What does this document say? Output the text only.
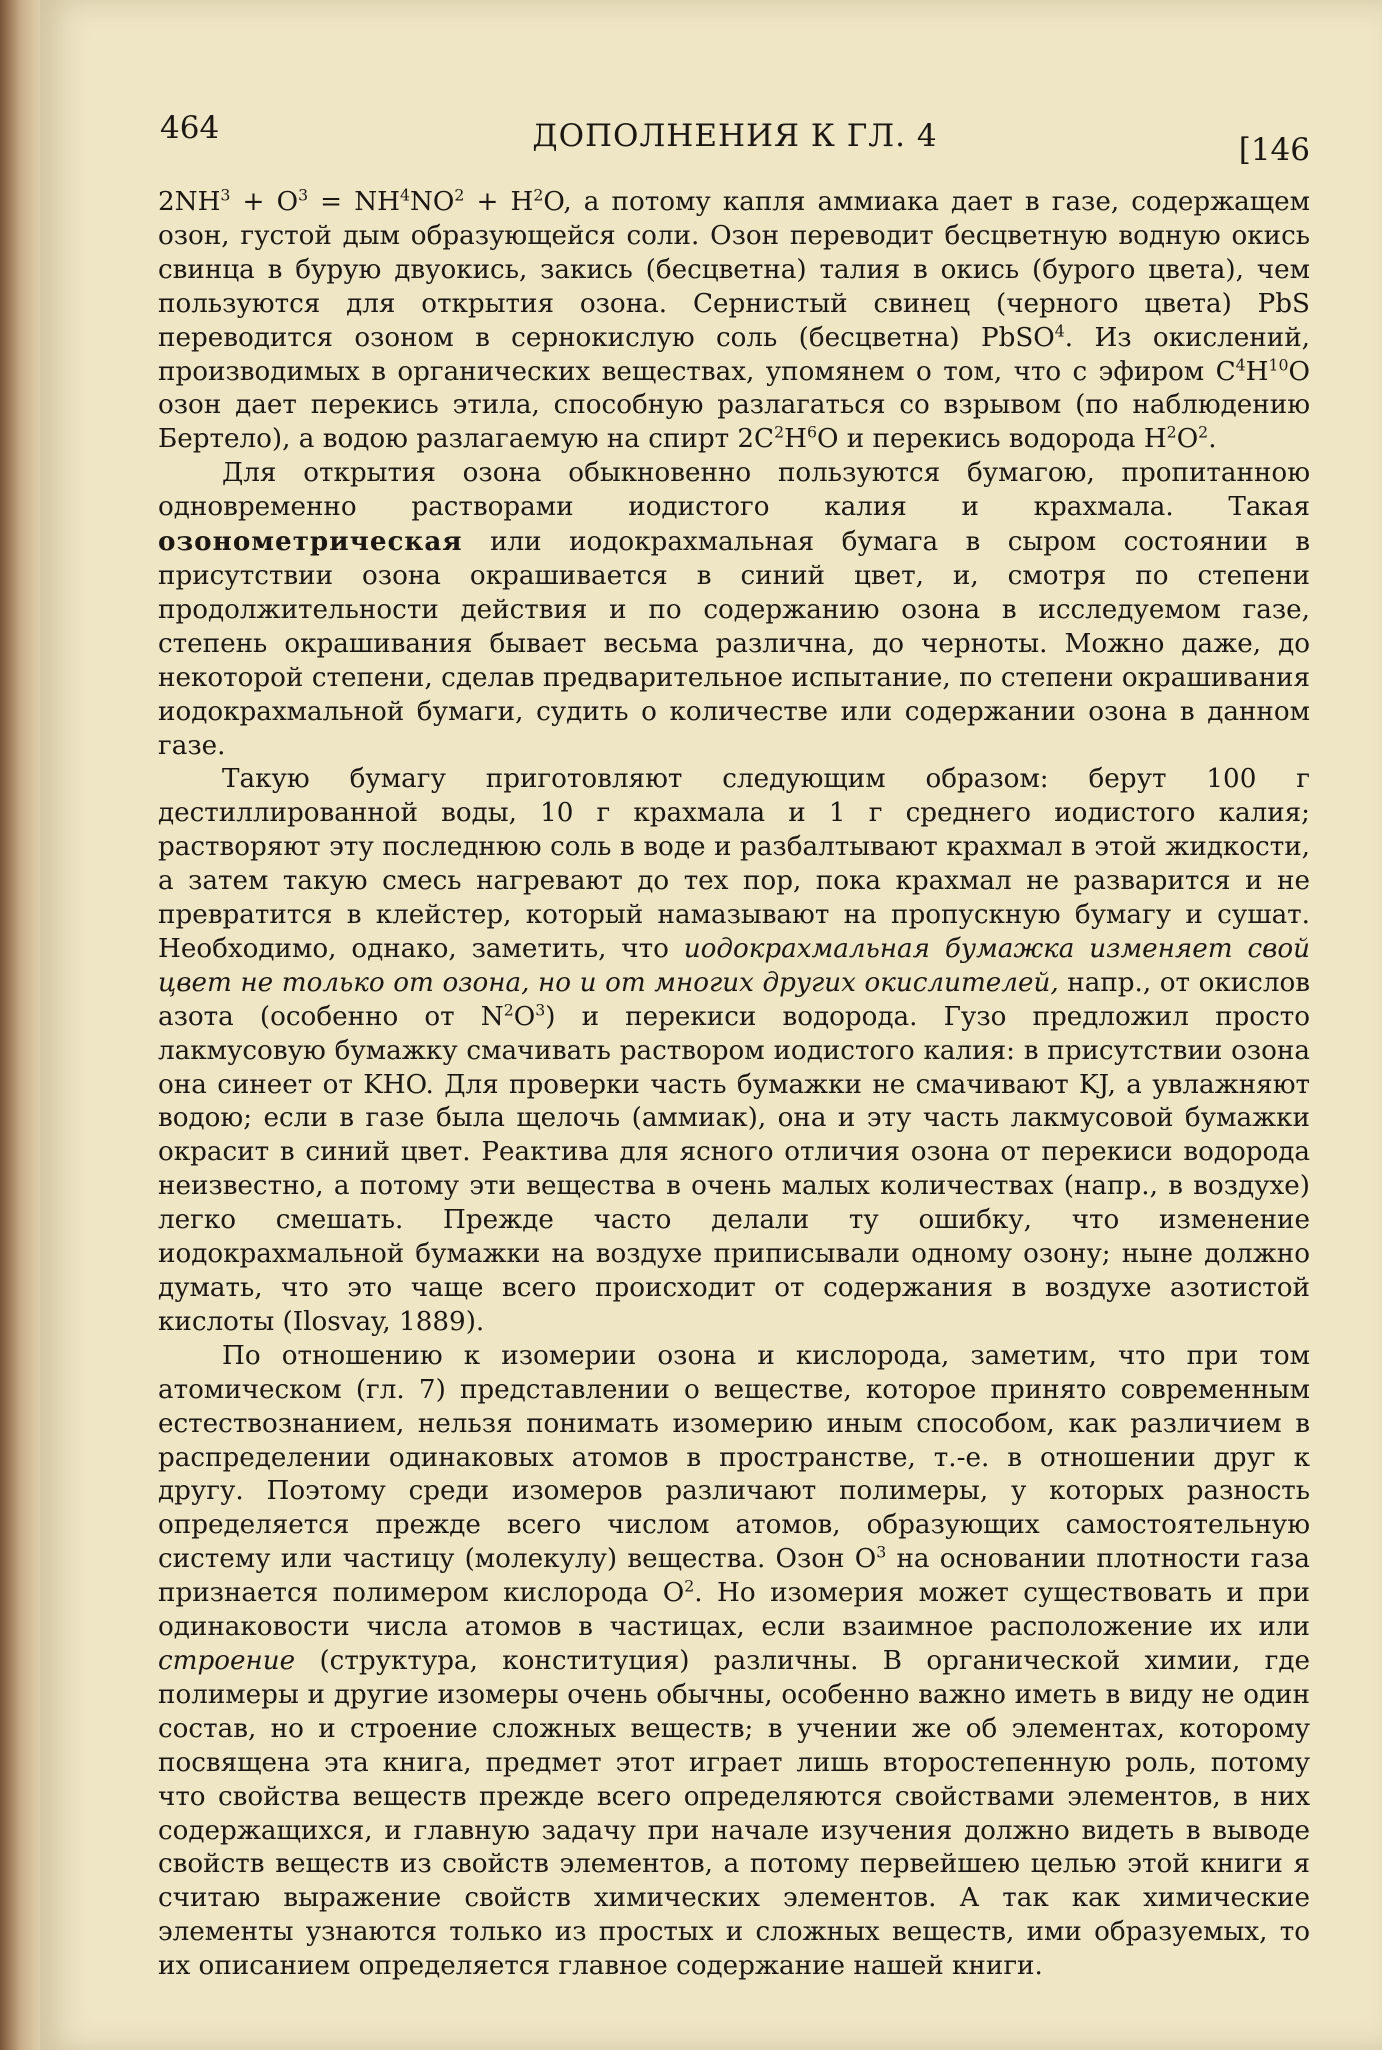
464	ДОПОЛНЕНИЯ К ГЛ. 4	[146

$2NH^3 + O^3 = NH^4NO^2 + H^2O$, а потому капля аммиака дает в газе, содержащем озон, густой дым образующейся соли. Озон переводит бесцветную водную окись свинца в бурую двуокись, закись (бесцветна) талия в окись (бурого цвета), чем пользуются для открытия озона. Сернистый свинец (черного цвета) PbS переводится озоном в сернокислую соль (бесцветна) PbSO$^4$. Из окислений, производимых в органических веществах, упомянем о том, что с эфиром $C^4H^{10}O$ озон дает перекись этила, способную разлагаться со взрывом (по наблюдению Бертело), а водою разлагаемую на спирт $2C^2H^6O$ и перекись водорода $H^2O^2$.

Для открытия озона обыкновенно пользуются бумагою, пропитанною одновременно растворами иодистого калия и крахмала. Такая озонометрическая или иодокрахмальная бумага в сыром состоянии в присутствии озона окрашивается в синий цвет, и, смотря по степени продолжительности действия и по содержанию озона в исследуемом газе, степень окрашивания бывает весьма различна, до черноты. Можно даже, до некоторой степени, сделав предварительное испытание, по степени окрашивания иодокрахмальной бумаги, судить о количестве или содержании озона в данном газе.

Такую бумагу приготовляют следующим образом: берут 100 г дестиллированной воды, 10 г крахмала и 1 г среднего иодистого калия; растворяют эту последнюю соль в воде и разбалтывают крахмал в этой жидкости, а затем такую смесь нагревают до тех пор, пока крахмал не разварится и не превратится в клейстер, который намазывают на пропускную бумагу и сушат. Необходимо, однако, заметить, что иодокрахмальная бумажка изменяет свой цвет не только от озона, но и от многих других окислителей, напр., от окислов азота (особенно от $N^2O^3$) и перекиси водорода. Гузо предложил просто лакмусовую бумажку смачивать раствором иодистого калия: в присутствии озона она синеет от KHO. Для проверки часть бумажки не смачивают KJ, а увлажняют водою; если в газе была щелочь (аммиак), она и эту часть лакмусовой бумажки окрасит в синий цвет. Реактива для ясного отличия озона от перекиси водорода неизвестно, а потому эти вещества в очень малых количествах (напр., в воздухе) легко смешать. Прежде часто делали ту ошибку, что изменение иодокрахмальной бумажки на воздухе приписывали одному озону; ныне должно думать, что это чаще всего происходит от содержания в воздухе азотистой кислоты (Ilosvay, 1889).

По отношению к изомерии озона и кислорода, заметим, что при том атомическом (гл. 7) представлении о веществе, которое принято современным естествознанием, нельзя понимать изомерию иным способом, как различием в распределении одинаковых атомов в пространстве, т.-е. в отношении друг к другу. Поэтому среди изомеров различают полимеры, у которых разность определяется прежде всего числом атомов, образующих самостоятельную систему или частицу (молекулу) вещества. Озон $O^3$ на основании плотности газа признается полимером кислорода $O^2$. Но изомерия может существовать и при одинаковости числа атомов в частицах, если взаимное расположение их или строение (структура, конституция) различны. В органической химии, где полимеры и другие изомеры очень обычны, особенно важно иметь в виду не один состав, но и строение сложных веществ; в учении же об элементах, которому посвящена эта книга, предмет этот играет лишь второстепенную роль, потому что свойства веществ прежде всего определяются свойствами элементов, в них содержащихся, и главную задачу при начале изучения должно видеть в выводе свойств веществ из свойств элементов, а потому первейшею целью этой книги я считаю выражение свойств химических элементов. А так как химические элементы узнаются только из простых и сложных веществ, ими образуемых, то их описанием определяется главное содержание нашей книги.
